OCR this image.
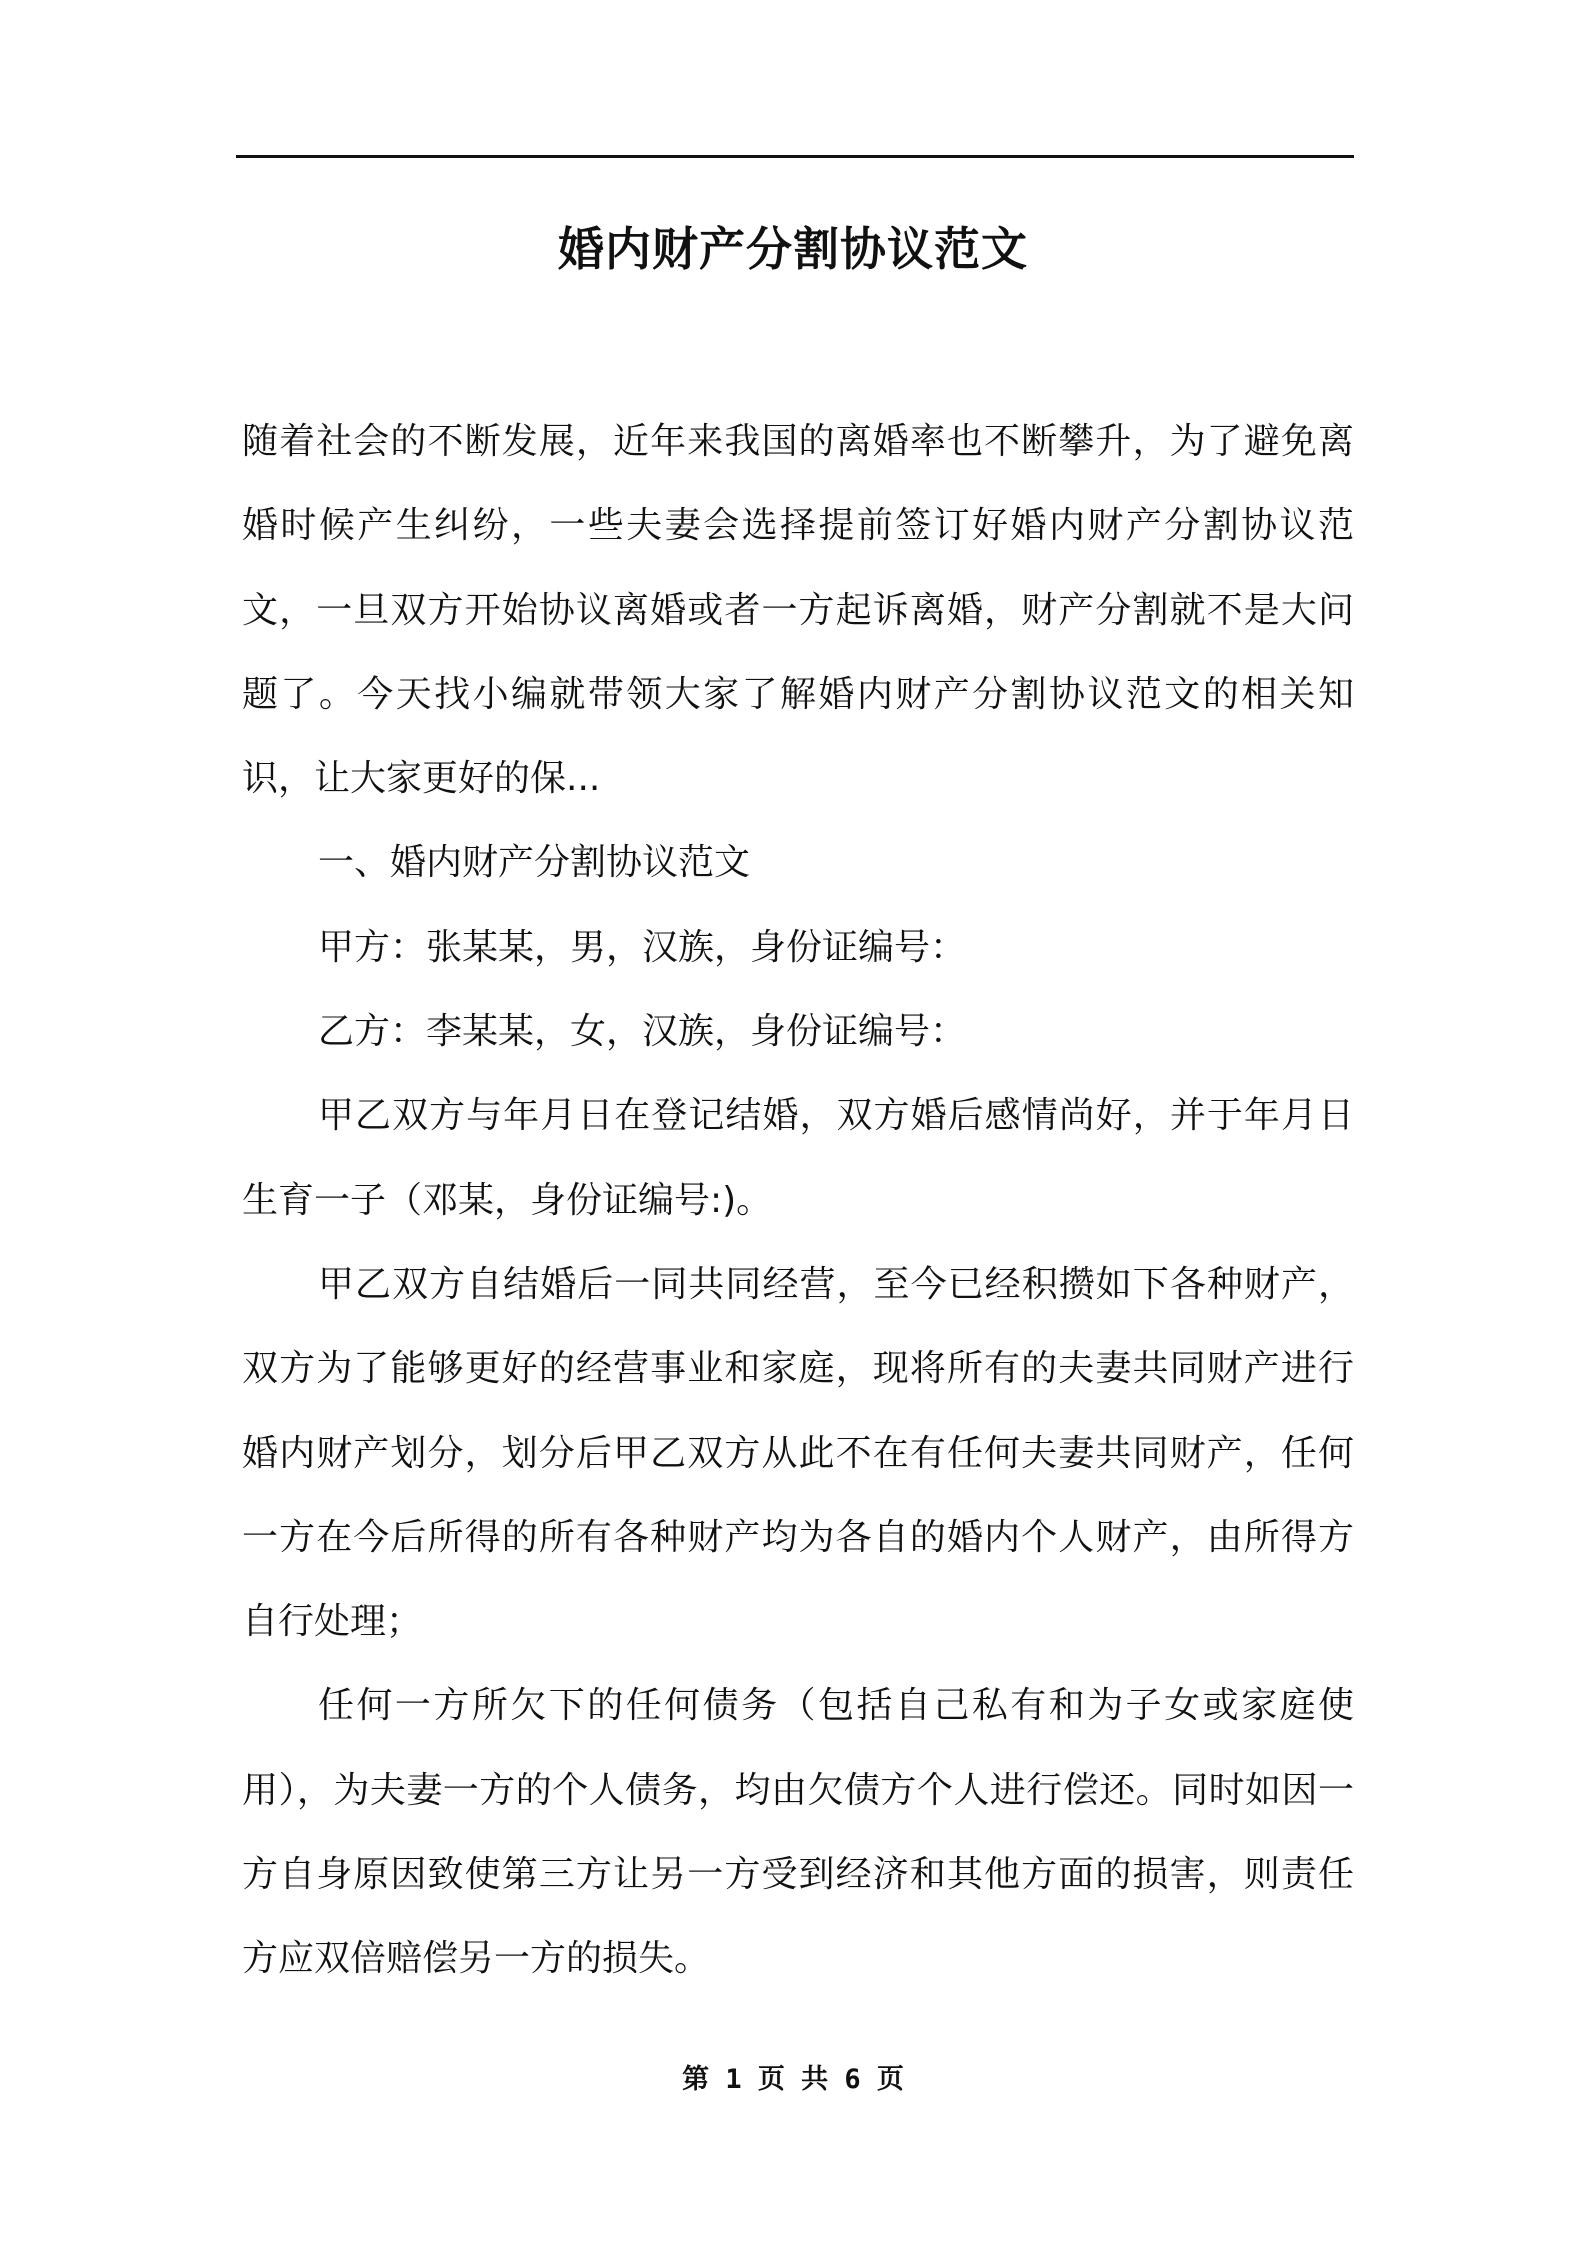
婚内财产分割协议范文

随着社会的不断发展，近年来我国的离婚率也不断攀升，为了避免离婚时候产生纠纷，一些夫妻会选择提前签订好婚内财产分割协议范文，一旦双方开始协议离婚或者一方起诉离婚，财产分割就不是大问题了。今天找小编就带领大家了解婚内财产分割协议范文的相关知识，让大家更好的保...

一、婚内财产分割协议范文

甲方：张某某，男，汉族，身份证编号：

乙方：李某某，女，汉族，身份证编号：

甲乙双方与年月日在登记结婚，双方婚后感情尚好，并于年月日生育一子（邓某，身份证编号:)。

甲乙双方自结婚后一同共同经营，至今已经积攒如下各种财产，双方为了能够更好的经营事业和家庭，现将所有的夫妻共同财产进行婚内财产划分，划分后甲乙双方从此不在有任何夫妻共同财产，任何一方在今后所得的所有各种财产均为各自的婚内个人财产，由所得方自行处理；

任何一方所欠下的任何债务（包括自己私有和为子女或家庭使用），为夫妻一方的个人债务，均由欠债方个人进行偿还。同时如因一方自身原因致使第三方让另一方受到经济和其他方面的损害，则责任方应双倍赔偿另一方的损失。

第 1 页 共 6 页
